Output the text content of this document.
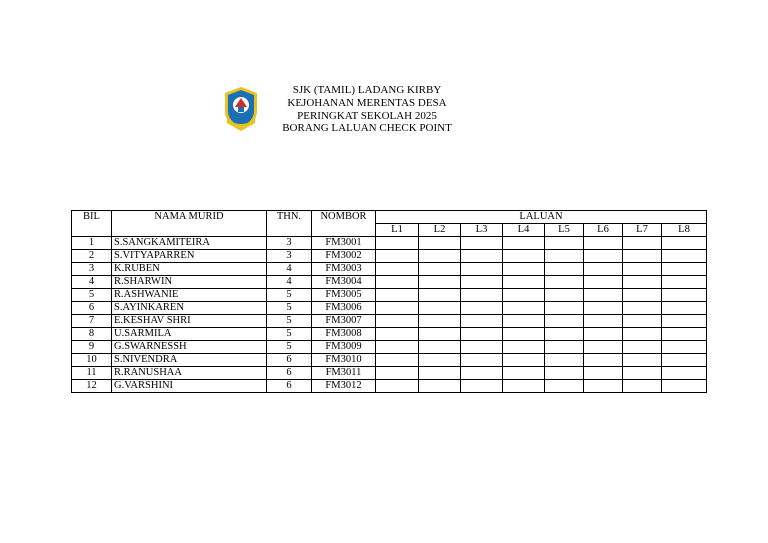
SJK (TAMIL) LADANG KIRBY
KEJOHANAN MERENTAS DESA
PERINGKAT SEKOLAH 2025
BORANG LALUAN CHECK POINT
BIL	NAMA MURID	THN.	NOMBOR	LALUAN							
				L1	L2	L3	L4	L5	L6	L7	L8
1	S.SANGKAMITEIRA	3	FM3001								
2	S.VITYAPARREN	3	FM3002								
3	K.RUBEN	4	FM3003								
4	R.SHARWIN	4	FM3004								
5	R.ASHWANIE	5	FM3005								
6	S.AYINKAREN	5	FM3006								
7	E.KESHAV SHRI	5	FM3007								
8	U.SARMILA	5	FM3008								
9	G.SWARNESSH	5	FM3009								
10	S.NIVENDRA	6	FM3010								
11	R.RANUSHAA	6	FM3011								
12	G.VARSHINI	6	FM3012								
